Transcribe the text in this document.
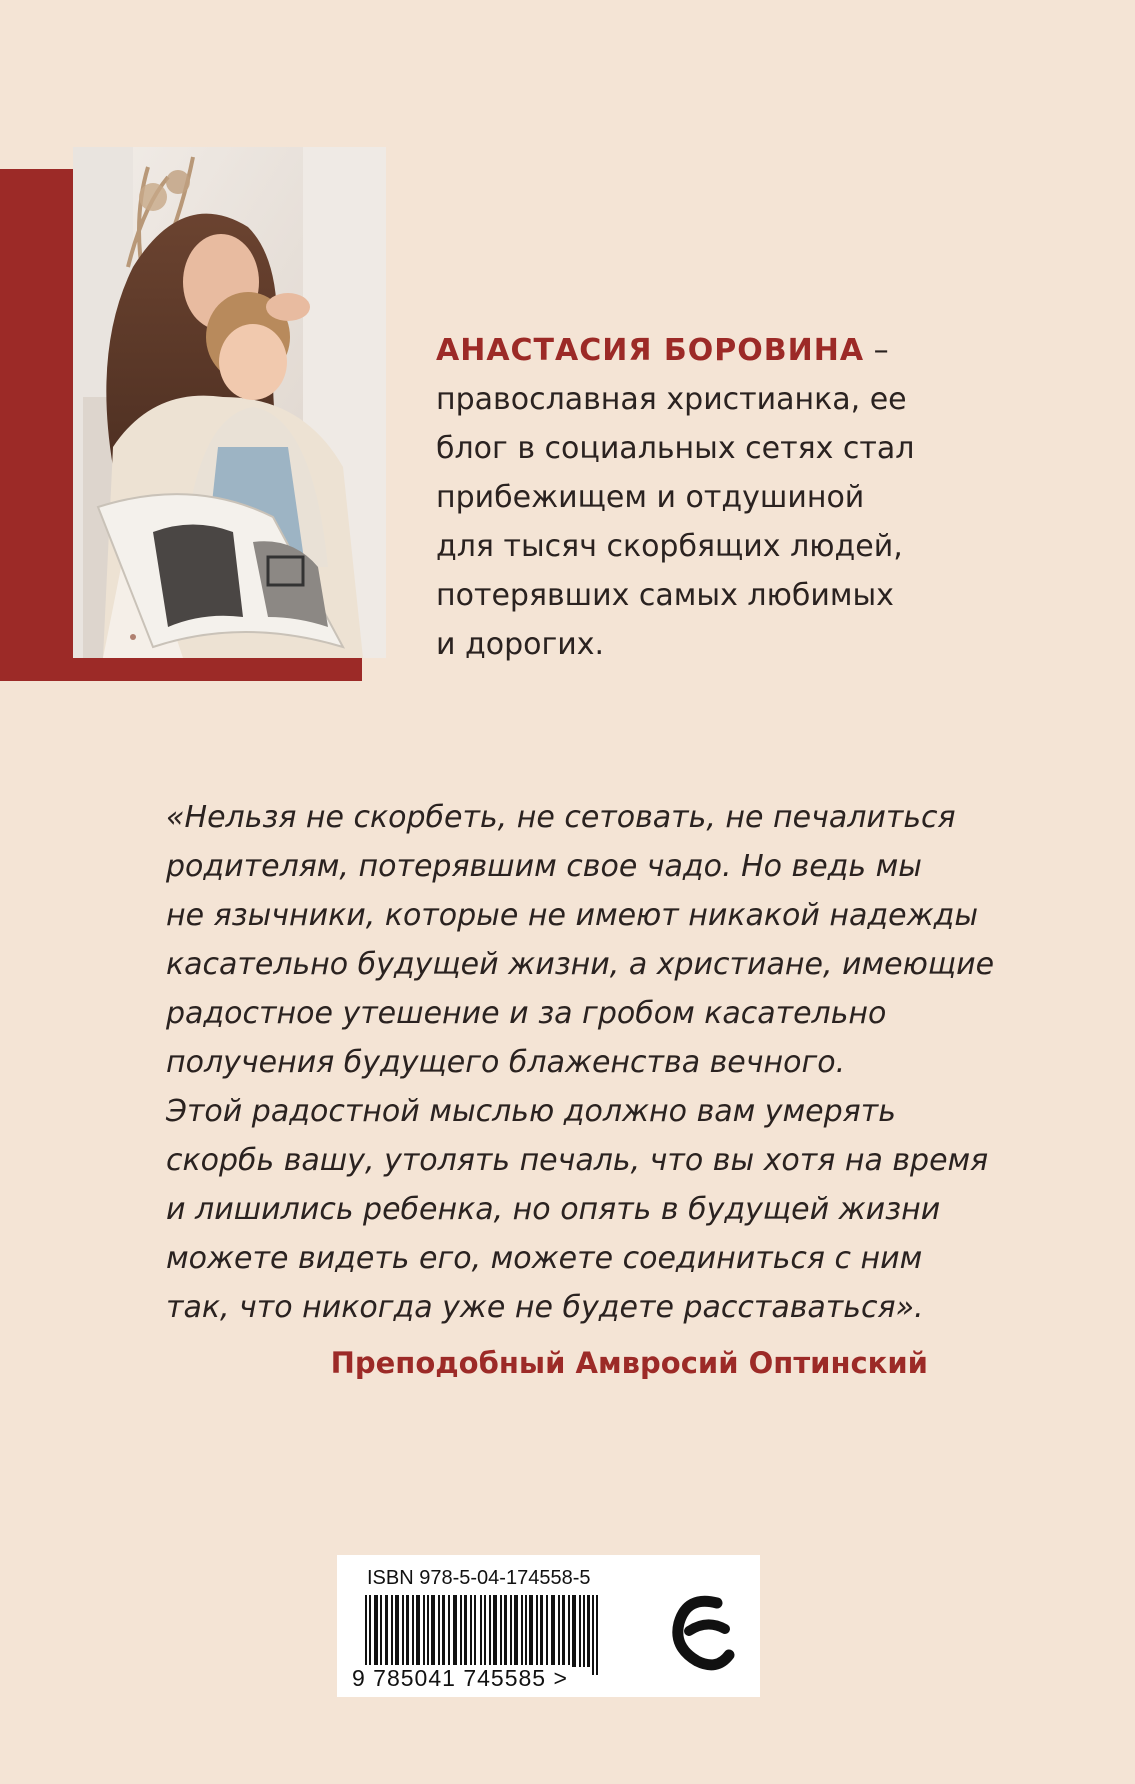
АНАСТАСИЯ БОРОВИНА –
православная христианка, ее
блог в социальных сетях стал
прибежищем и отдушиной
для тысяч скорбящих людей,
потерявших самых любимых
и дорогих.
«Нельзя не скорбеть, не сетовать, не печалиться
родителям, потерявшим свое чадо. Но ведь мы
не язычники, которые не имеют никакой надежды
касательно будущей жизни, а христиане, имеющие
радостное утешение и за гробом касательно
получения будущего блаженства вечного.
Этой радостной мыслью должно вам умерять
скорбь вашу, утолять печаль, что вы хотя на время
и лишились ребенка, но опять в будущей жизни
можете видеть его, можете соединиться с ним
так, что никогда уже не будете расставаться».
Преподобный Амвросий Оптинский
ISBN 978-5-04-174558-5
9 785041 745585 >
